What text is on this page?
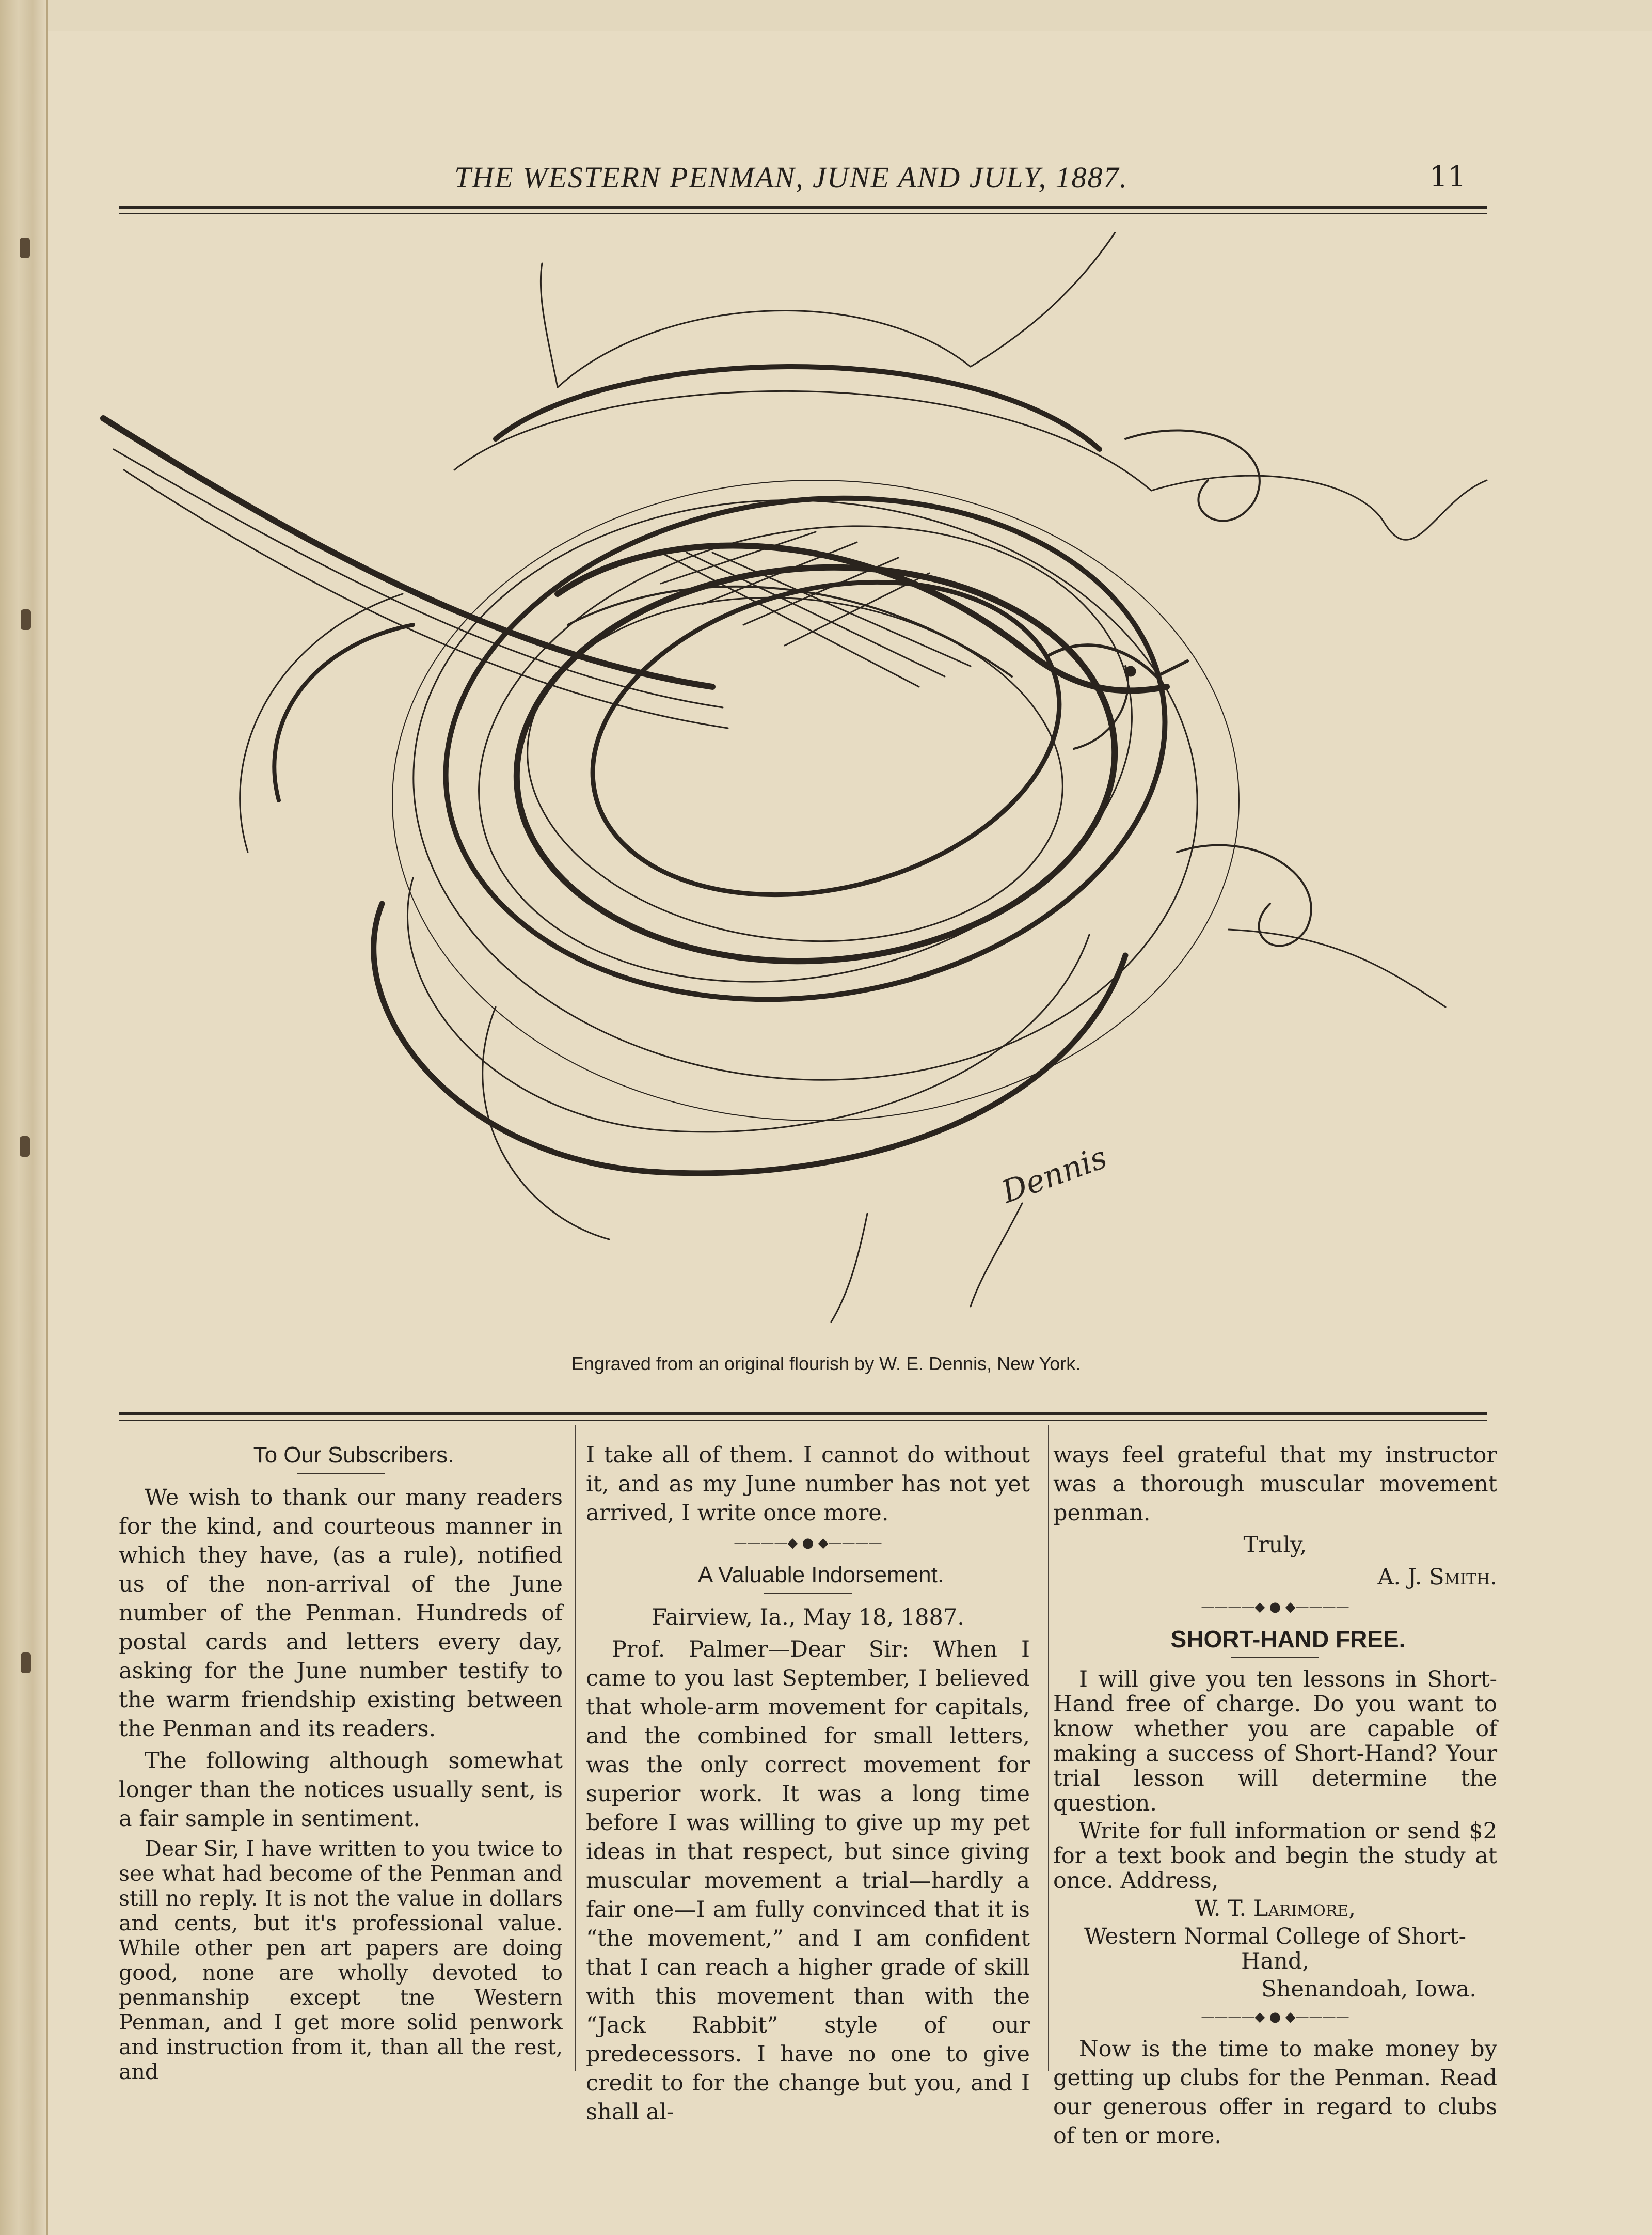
THE WESTERN PENMAN, JUNE AND JULY, 1887.	11
Dennis
Engraved from an original flourish by W. E. Dennis, New York.

To Our Subscribers.

We wish to thank our many readers for the kind, and courteous manner in which they have, (as a rule), notified us of the non-arrival of the June number of the Penman. Hundreds of postal cards and letters every day, asking for the June number testify to the warm friendship existing between the Penman and its readers.

The following although somewhat longer than the notices usually sent, is a fair sample in sentiment.

Dear Sir, I have written to you twice to see what had become of the Penman and still no reply. It is not the value in dollars and cents, but it's professional value. While other pen art papers are doing good, none are wholly devoted to penmanship except tne Western Penman, and I get more solid penwork and instruction from it, than all the rest, and

I take all of them. I cannot do without it, and as my June number has not yet arrived, I write once more.

————◆ ● ◆————

A Valuable Indorsement.

Fairview, Ia., May 18, 1887.

Prof. Palmer—Dear Sir: When I came to you last September, I believed that whole-arm movement for capitals, and the combined for small letters, was the only correct movement for superior work. It was a long time before I was willing to give up my pet ideas in that respect, but since giving muscular movement a trial—hardly a fair one—I am fully convinced that it is “the movement,” and I am confident that I can reach a higher grade of skill with this movement than with the “Jack Rabbit” style of our predecessors. I have no one to give credit to for the change but you, and I shall al-

ways feel grateful that my instructor was a thorough muscular movement penman.

Truly,

A. J. Smith.

————◆ ● ◆————

SHORT-HAND FREE.

I will give you ten lessons in Short-Hand free of charge. Do you want to know whether you are capable of making a success of Short-Hand? Your trial lesson will determine the question.

Write for full information or send $2 for a text book and begin the study at once. Address,

W. T. Larimore,

Western Normal College of Short-Hand,

Shenandoah, Iowa.

————◆ ● ◆————

Now is the time to make money by getting up clubs for the Penman. Read our generous offer in regard to clubs of ten or more.
